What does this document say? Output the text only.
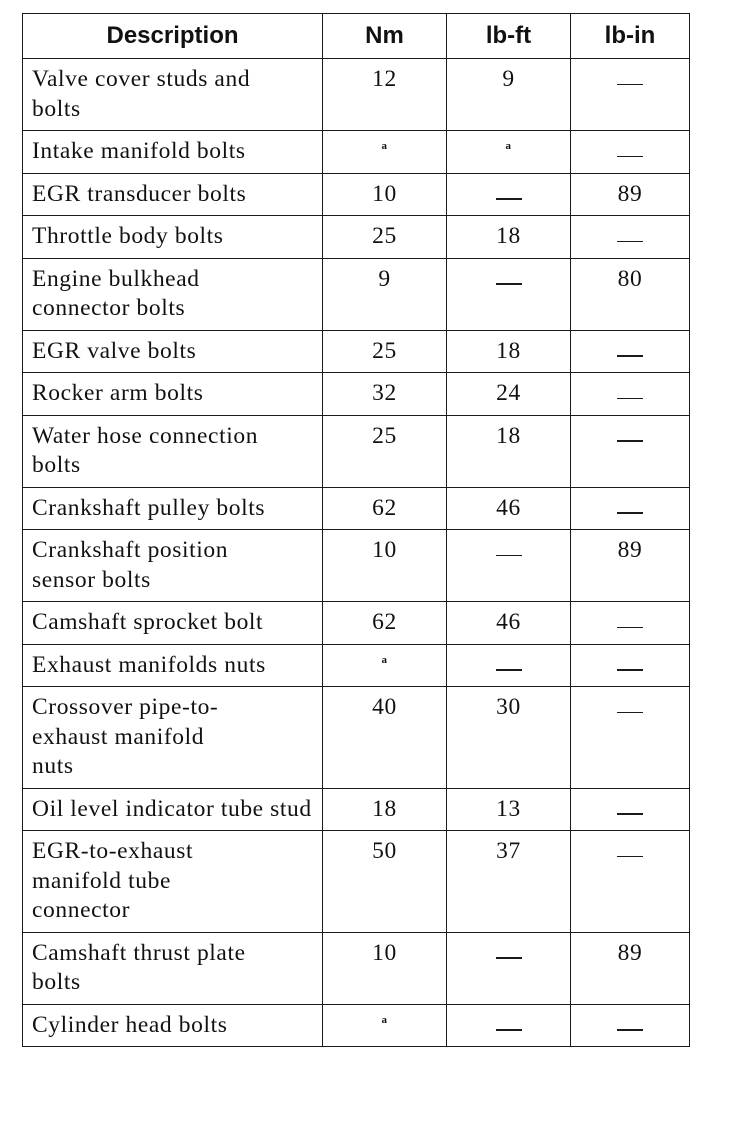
Description	Nm	lb-ft	lb-in
Valve cover studs and bolts	12	9	
Intake manifold bolts	$^a$	$^a$	
EGR transducer bolts	10		89
Throttle body bolts	25	18	
Engine bulkhead connector bolts	9		80
EGR valve bolts	25	18	
Rocker arm bolts	32	24	
Water hose connection bolts	25	18	
Crankshaft pulley bolts	62	46	
Crankshaft position sensor bolts	10		89
Camshaft sprocket bolt	62	46	
Exhaust manifolds nuts	$^a$		
Crossover pipe-to-exhaust manifold nuts	40	30	
Oil level indicator tube stud	18	13	
EGR-to-exhaust manifold tube connector	50	37	
Camshaft thrust plate bolts	10		89
Cylinder head bolts	$^a$		
